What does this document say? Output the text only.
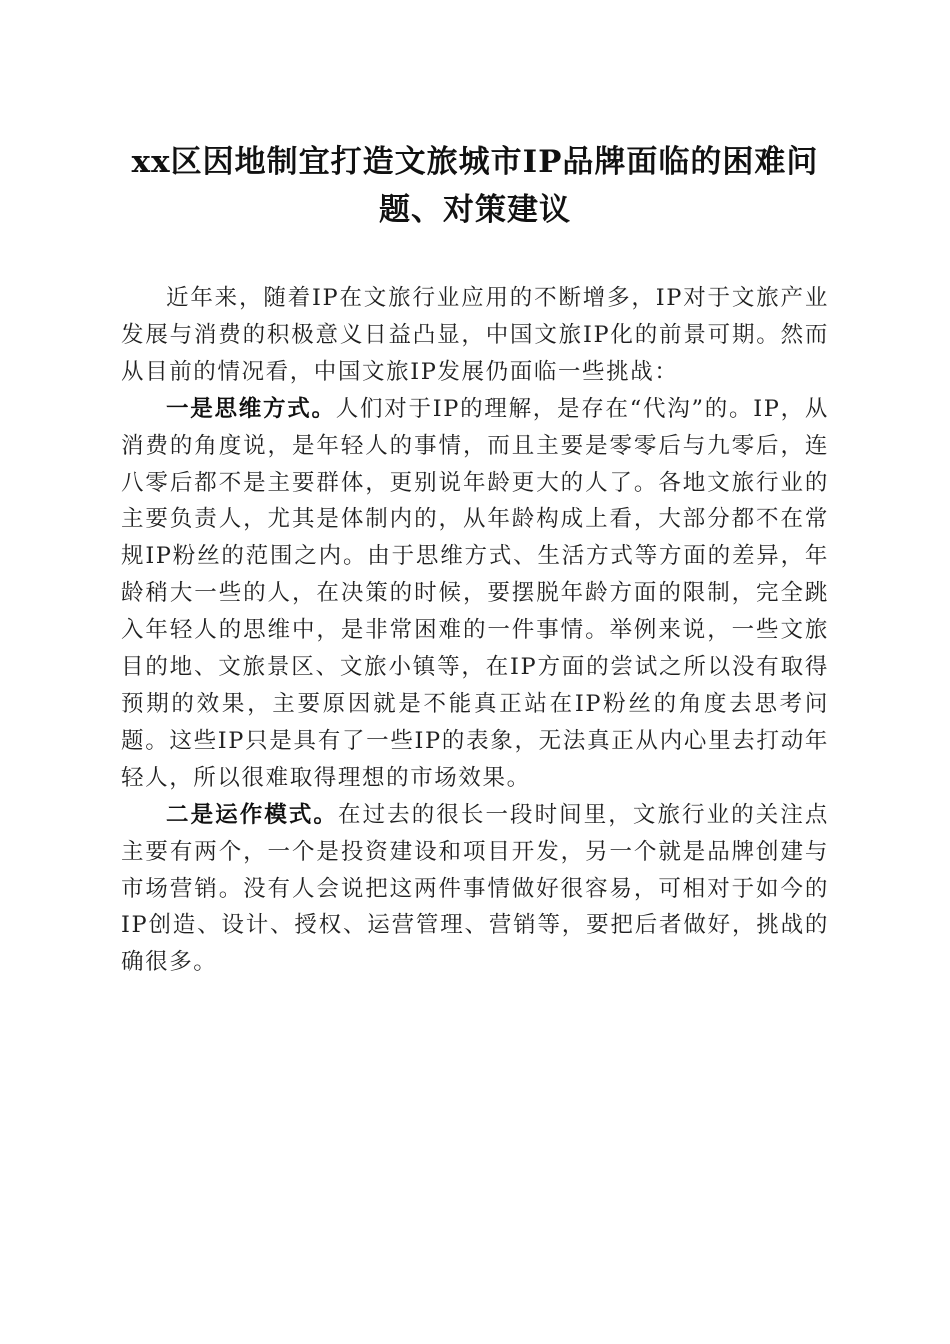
xx区因地制宜打造文旅城市IP品牌面临的困难问题、对策建议

近年来，随着IP在文旅行业应用的不断增多，IP对于文旅产业发展与消费的积极意义日益凸显，中国文旅IP化的前景可期。然而从目前的情况看，中国文旅IP发展仍面临一些挑战：

一是思维方式。人们对于IP的理解，是存在“代沟”的。IP，从消费的角度说，是年轻人的事情，而且主要是零零后与九零后，连八零后都不是主要群体，更别说年龄更大的人了。各地文旅行业的主要负责人，尤其是体制内的，从年龄构成上看，大部分都不在常规IP粉丝的范围之内。由于思维方式、生活方式等方面的差异，年龄稍大一些的人，在决策的时候，要摆脱年龄方面的限制，完全跳入年轻人的思维中，是非常困难的一件事情。举例来说，一些文旅目的地、文旅景区、文旅小镇等，在IP方面的尝试之所以没有取得预期的效果，主要原因就是不能真正站在IP粉丝的角度去思考问题。这些IP只是具有了一些IP的表象，无法真正从内心里去打动年轻人，所以很难取得理想的市场效果。

二是运作模式。在过去的很长一段时间里，文旅行业的关注点主要有两个，一个是投资建设和项目开发，另一个就是品牌创建与市场营销。没有人会说把这两件事情做好很容易，可相对于如今的IP创造、设计、授权、运营管理、营销等，要把后者做好，挑战的确很多。
